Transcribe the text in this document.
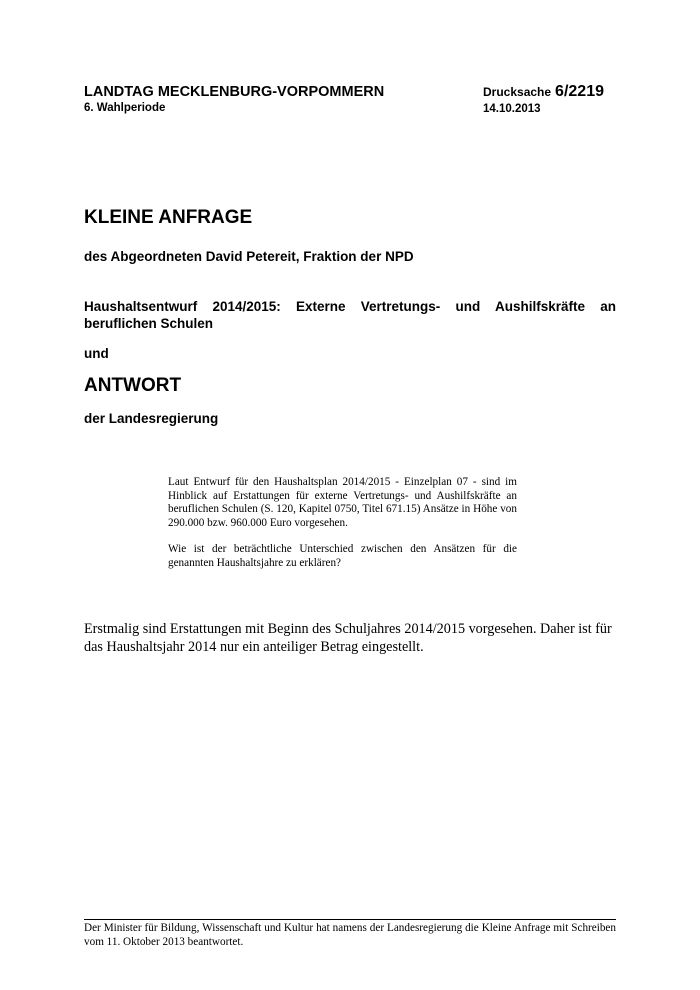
LANDTAG MECKLENBURG-VORPOMMERN
6. Wahlperiode
Drucksache 6/2219
14.10.2013
KLEINE ANFRAGE
des Abgeordneten David Petereit, Fraktion der NPD
Haushaltsentwurf 2014/2015: Externe Vertretungs- und Aushilfskräfte an beruflichen Schulen
und
ANTWORT
der Landesregierung

Laut Entwurf für den Haushaltsplan 2014/2015 - Einzelplan 07 - sind im Hinblick auf Erstattungen für externe Vertretungs- und Aushilfskräfte an beruflichen Schulen (S. 120, Kapitel 0750, Titel 671.15) Ansätze in Höhe von 290.000 bzw. 960.000 Euro vorgesehen.

Wie ist der beträchtliche Unterschied zwischen den Ansätzen für die genannten Haushaltsjahre zu erklären?

Erstmalig sind Erstattungen mit Beginn des Schuljahres 2014/2015 vorgesehen. Daher ist für das Haushaltsjahr 2014 nur ein anteiliger Betrag eingestellt.

Der Minister für Bildung, Wissenschaft und Kultur hat namens der Landesregierung die Kleine Anfrage mit Schreiben vom 11. Oktober 2013 beantwortet.
